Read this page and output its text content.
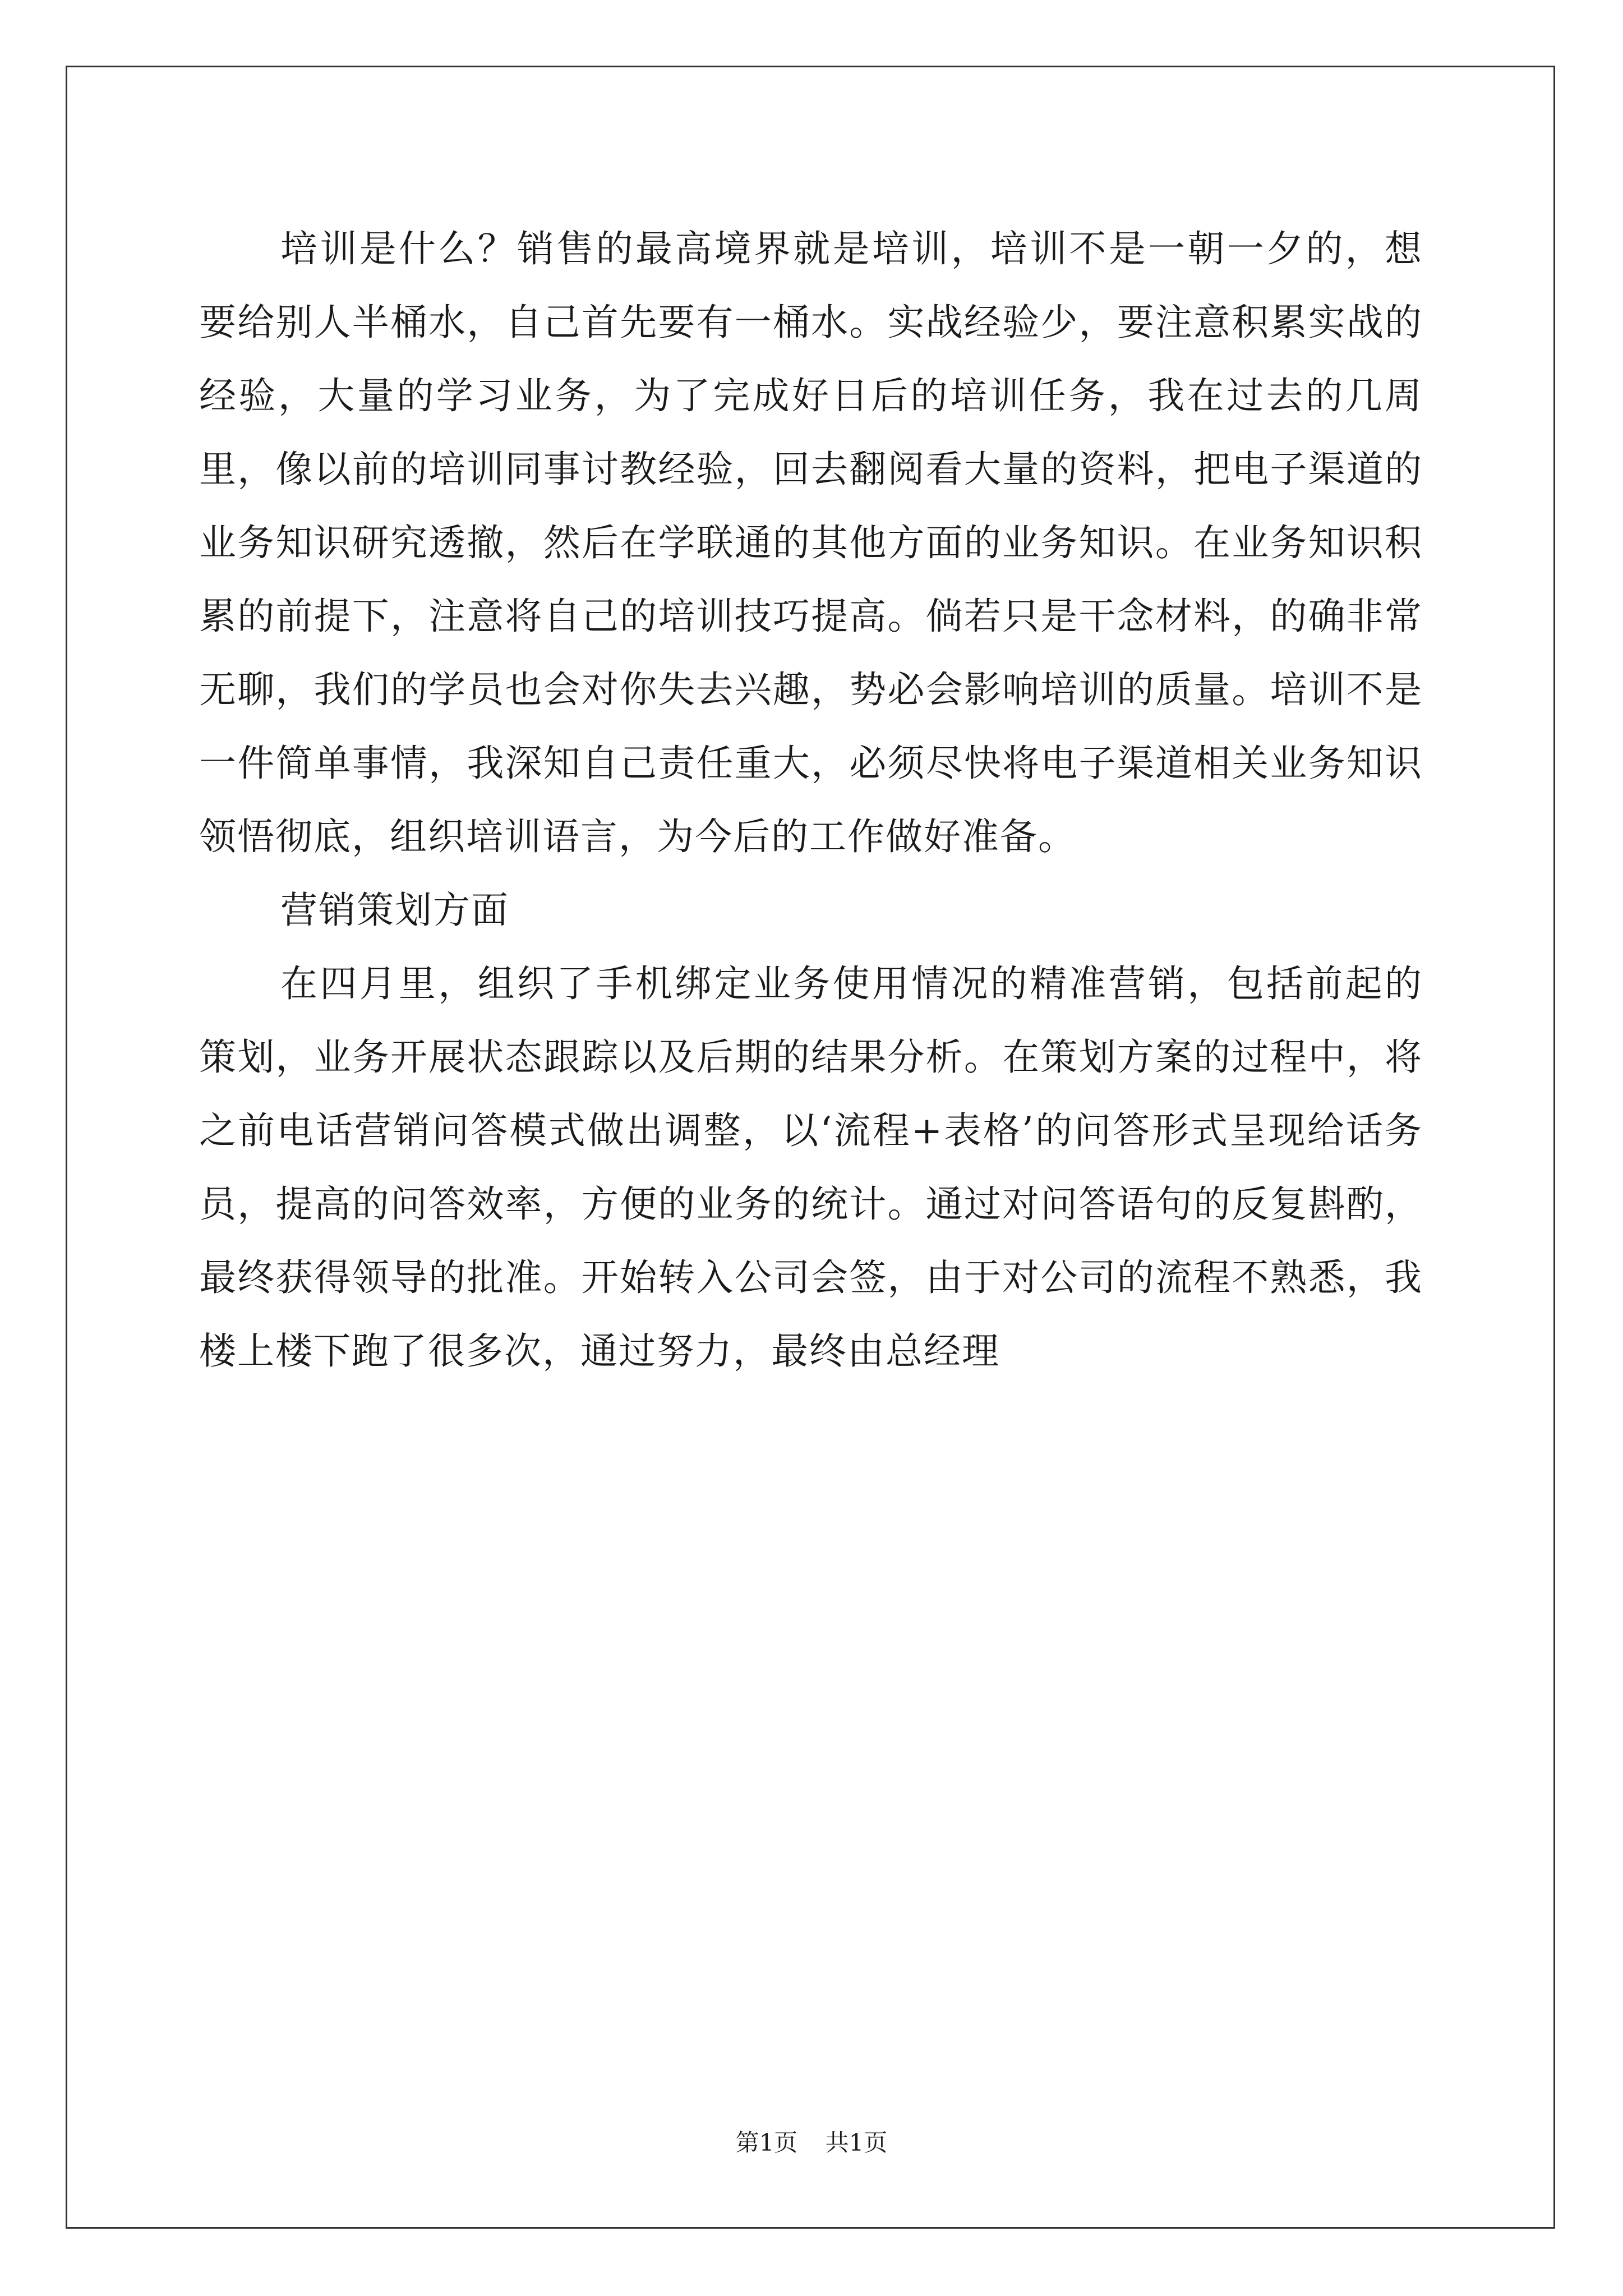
培训是什么？销售的最高境界就是培训，培训不是一朝一夕的，想要给别人半桶水，自己首先要有一桶水。实战经验少，要注意积累实战的经验，大量的学习业务，为了完成好日后的培训任务，我在过去的几周里，像以前的培训同事讨教经验，回去翻阅看大量的资料，把电子渠道的业务知识研究透撤，然后在学联通的其他方面的业务知识。在业务知识积累的前提下，注意将自己的培训技巧提高。倘若只是干念材料，的确非常无聊，我们的学员也会对你失去兴趣，势必会影响培训的质量。培训不是一件简单事情，我深知自己责任重大，必须尽快将电子渠道相关业务知识领悟彻底，组织培训语言，为今后的工作做好准备。

营销策划方面

在四月里，组织了手机绑定业务使用情况的精准营销，包括前起的策划，业务开展状态跟踪以及后期的结果分析。在策划方案的过程中，将之前电话营销问答模式做出调整，以‘流程+表格’的问答形式呈现给话务员，提高的问答效率，方便的业务的统计。通过对问答语句的反复斟酌，最终获得领导的批准。开始转入公司会签，由于对公司的流程不熟悉，我楼上楼下跑了很多次，通过努力，最终由总经理

第1页 共1页
